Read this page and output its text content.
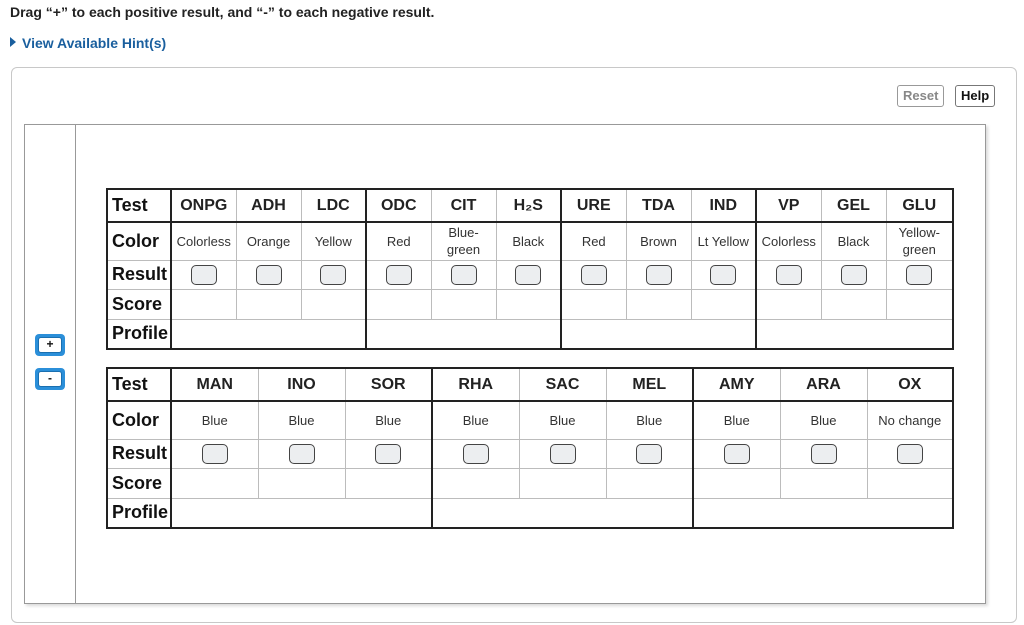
Drag “+” to each positive result, and “-” to each negative result.
View Available Hint(s)
Reset	Help
+
-
Test	ONPG	ADH	LDC	ODC	CIT	H₂S	URE	TDA	IND	VP	GEL	GLU
Color	Colorless	Orange	Yellow	Red	Blue-green	Black	Red	Brown	Lt Yellow	Colorless	Black	Yellow-green
Result												
Score												
Profile												
Test	MAN	INO	SOR	RHA	SAC	MEL	AMY	ARA	OX
Color	Blue	Blue	Blue	Blue	Blue	Blue	Blue	Blue	No change
Result									
Score									
Profile									
